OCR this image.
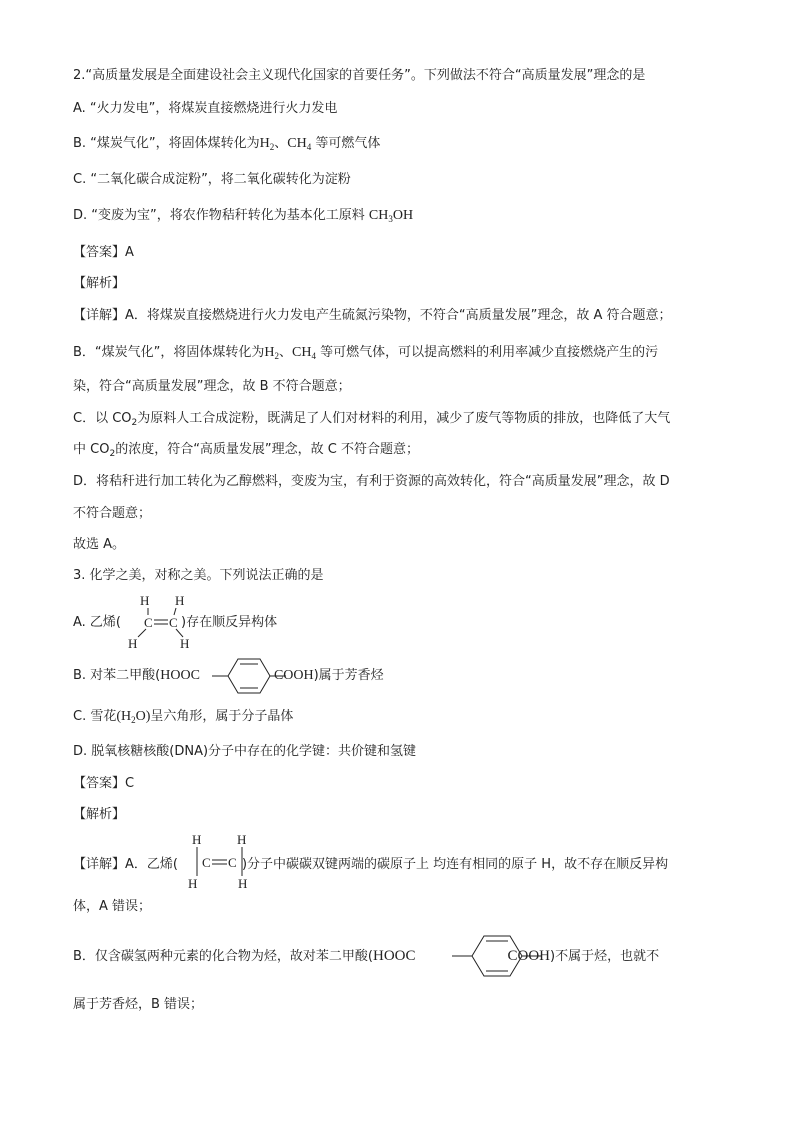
2.“高质量发展是全面建设社会主义现代化国家的首要任务”。下列做法不符合“高质量发展”理念的是
A. “火力发电”，将煤炭直接燃烧进行火力发电
B. “煤炭气化”，将固体煤转化为$H_2$、$CH_4$ 等可燃气体
C. “二氧化碳合成淀粉”，将二氧化碳转化为淀粉
D. “变废为宝”，将农作物秸秆转化为基本化工原料 $CH_3OH$
【答案】A
【解析】
【详解】A．将煤炭直接燃烧进行火力发电产生硫氮污染物，不符合“高质量发展”理念，故 A 符合题意；
B．“煤炭气化”，将固体煤转化为$H_2$、$CH_4$ 等可燃气体，可以提高燃料的利用率减少直接燃烧产生的污
染，符合“高质量发展”理念，故 B 不符合题意；
C．以 $CO_2$为原料人工合成淀粉，既满足了人们对材料的利用，减少了废气等物质的排放，也降低了大气
中 $CO_2$的浓度，符合“高质量发展”理念，故 C 不符合题意；
D．将秸秆进行加工转化为乙醇燃料，变废为宝，有利于资源的高效转化，符合“高质量发展”理念，故 D
不符合题意；
故选 A。
3. 化学之美，对称之美。下列说法正确的是
A. 乙烯(	)存在顺反异构体
H H
C C
H	H
B. 对苯二甲酸(HOOC	COOH)属于芳香烃
C. 雪花$(H_2O)$呈六角形，属于分子晶体
D. 脱氧核糖核酸(DNA)分子中存在的化学键：共价键和氢键
【答案】C
【解析】
【详解】A．乙烯(	)分子中碳碳双键两端的碳原子上 均连有相同的原子 H，故不存在顺反异构
H	H
C C
H	H
体，A 错误；
B．仅含碳氢两种元素的化合物为烃，故对苯二甲酸(HOOC	COOH)不属于烃，也就不
属于芳香烃，B 错误；
